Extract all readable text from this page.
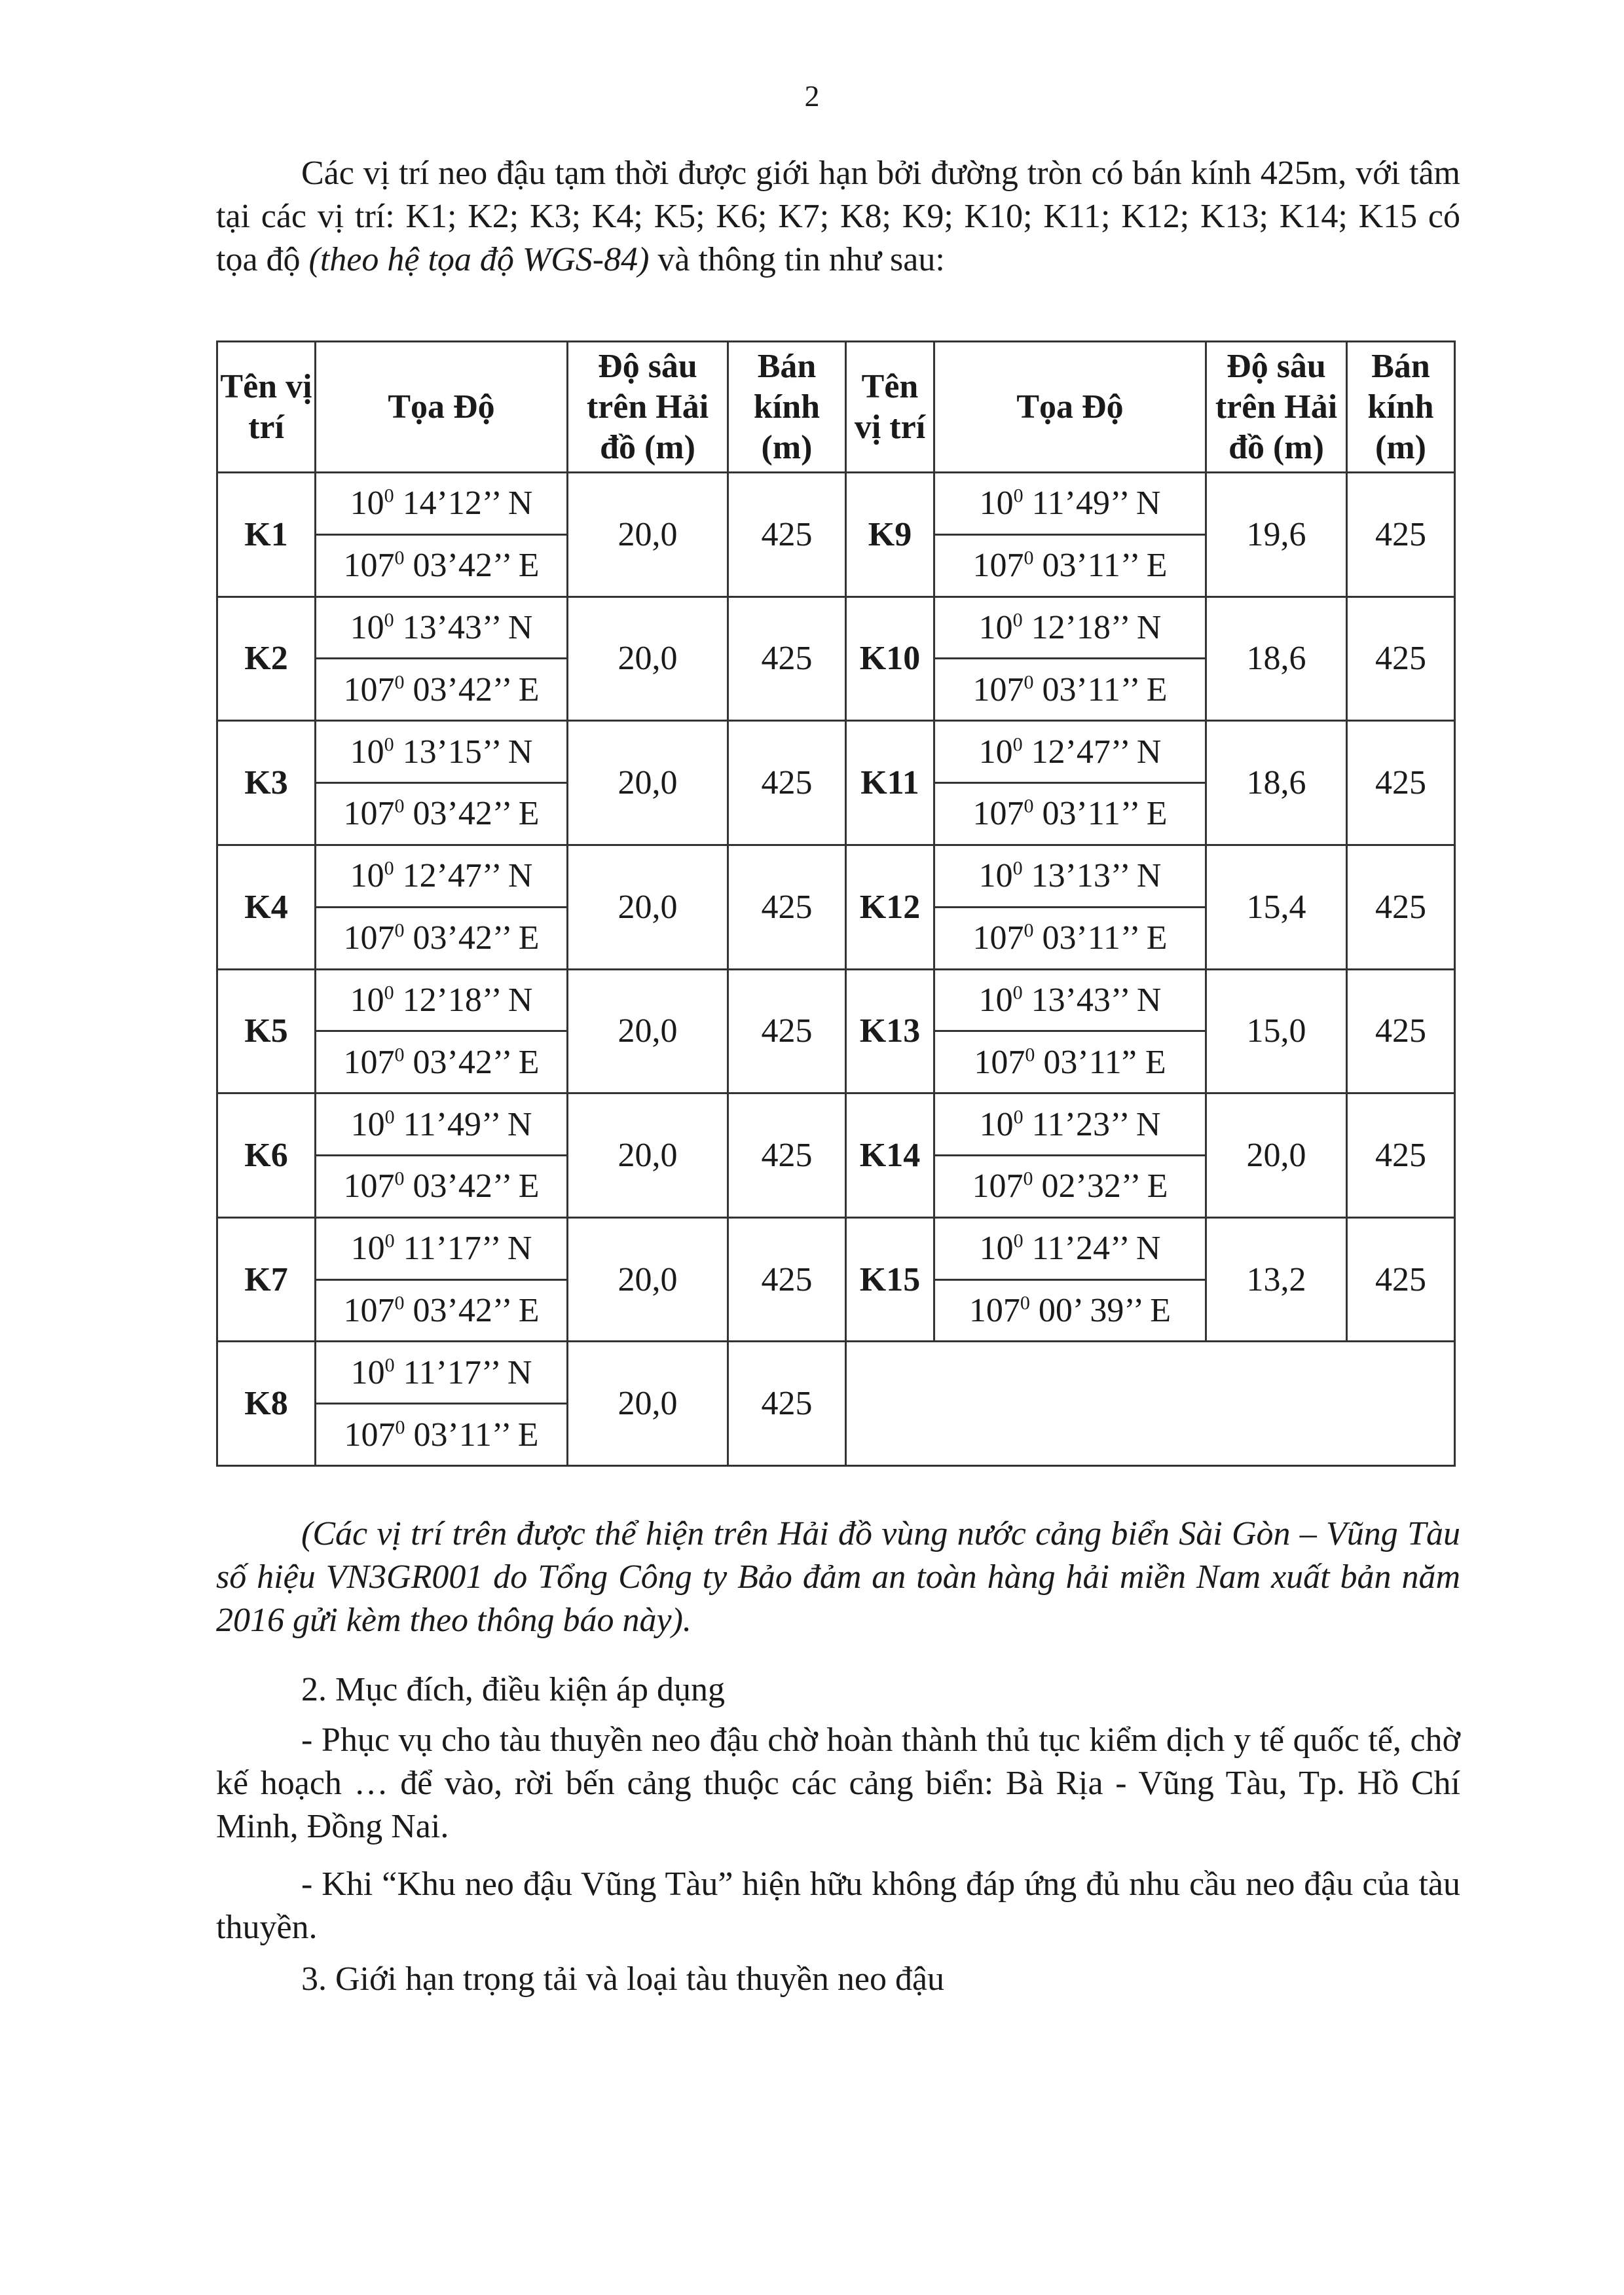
2
Các vị trí neo đậu tạm thời được giới hạn bởi đường tròn có bán kính 425m, với tâm tại các vị trí: K1; K2; K3; K4; K5; K6; K7; K8; K9; K10; K11; K12; K13; K14; K15 có tọa độ (theo hệ tọa độ WGS-84) và thông tin như sau:
Tên vị trí	Tọa Độ	Độ sâu trên Hải đồ (m)	Bán kính (m)	Tên vị trí	Tọa Độ	Độ sâu trên Hải đồ (m)	Bán kính (m)
K1	$10^0$ 14’12’’ N	20,0	425	K9	$10^0$ 11’49’’ N	19,6	425
	$107^0$ 03’42’’ E				$107^0$ 03’11’’ E		
K2	$10^0$ 13’43’’ N	20,0	425	K10	$10^0$ 12’18’’ N	18,6	425
	$107^0$ 03’42’’ E				$107^0$ 03’11’’ E		
K3	$10^0$ 13’15’’ N	20,0	425	K11	$10^0$ 12’47’’ N	18,6	425
	$107^0$ 03’42’’ E				$107^0$ 03’11’’ E		
K4	$10^0$ 12’47’’ N	20,0	425	K12	$10^0$ 13’13’’ N	15,4	425
	$107^0$ 03’42’’ E				$107^0$ 03’11’’ E		
K5	$10^0$ 12’18’’ N	20,0	425	K13	$10^0$ 13’43’’ N	15,0	425
	$107^0$ 03’42’’ E				$107^0$ 03’11” E		
K6	$10^0$ 11’49’’ N	20,0	425	K14	$10^0$ 11’23’’ N	20,0	425
	$107^0$ 03’42’’ E				$107^0$ 02’32’’ E		
K7	$10^0$ 11’17’’ N	20,0	425	K15	$10^0$ 11’24’’ N	13,2	425
	$107^0$ 03’42’’ E				$107^0$ 00’ 39’’ E		
K8	$10^0$ 11’17’’ N	20,0	425				
	$107^0$ 03’11’’ E						
(Các vị trí trên được thể hiện trên Hải đồ vùng nước cảng biển Sài Gòn – Vũng Tàu số hiệu VN3GR001 do Tổng Công ty Bảo đảm an toàn hàng hải miền Nam xuất bản năm 2016 gửi kèm theo thông báo này).
2. Mục đích, điều kiện áp dụng
- Phục vụ cho tàu thuyền neo đậu chờ hoàn thành thủ tục kiểm dịch y tế quốc tế, chờ kế hoạch … để vào, rời bến cảng thuộc các cảng biển: Bà Rịa - Vũng Tàu, Tp. Hồ Chí Minh, Đồng Nai.
- Khi “Khu neo đậu Vũng Tàu” hiện hữu không đáp ứng đủ nhu cầu neo đậu của tàu thuyền.
3. Giới hạn trọng tải và loại tàu thuyền neo đậu
